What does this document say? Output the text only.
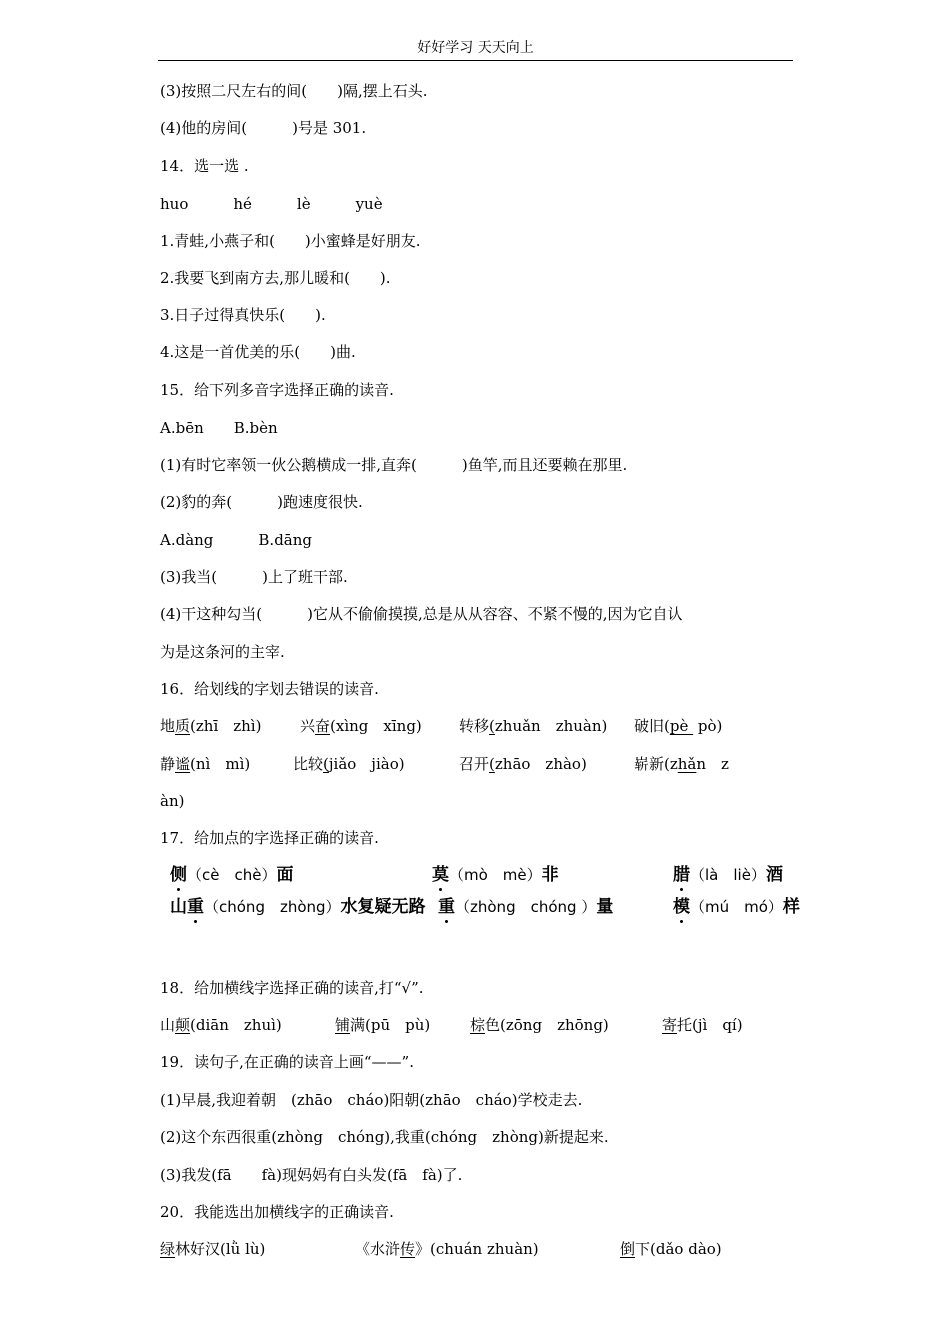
好好学习 天天向上
(3)按照二尺左右的间(　　)隔,摆上石头.
(4)他的房间(　　　)号是 301.
14．选一选 .
huo　　　hé　　　lè　　　yuè
1.青蛙,小燕子和(　　)小蜜蜂是好朋友.
2.我要飞到南方去,那儿暖和(　　).
3.日子过得真快乐(　　).
4.这是一首优美的乐(　　)曲.
15．给下列多音字选择正确的读音.
A.bēn　　B.bèn
(1)有时它率领一伙公鹅横成一排,直奔(　　　)鱼竿,而且还要赖在那里.
(2)豹的奔(　　　)跑速度很快.
A.dàng　　　B.dāng
(3)我当(　　　)上了班干部.
(4)干这种勾当(　　　)它从不偷偷摸摸,总是从从容容、不紧不慢的,因为它自认
为是这条河的主宰.
16．给划线的字划去错误的读音.
地质(zhī　zhì)	兴奋(xìng　xīng) 转移(zhuǎn　zhuàn) 破旧(pè  pò)
静谧(nì　mì)	比较(jiǎo　jiào)	召开(zhāo　zhào)	崭新(zhǎn　z
àn)
17．给加点的字选择正确的读音.
侧（cè　chè）面	莫（mò　mè）非	腊（là　liè）酒
山重（chóng　zhòng）水复疑无路 重（zhòng　chóng ）量	模（mú　mó）样
18．给加横线字选择正确的读音,打“√”.
山颠(diān　zhuì)	铺满(pū　pù)	棕色(zōng　zhōng)	寄托(jì　qí)
19．读句子,在正确的读音上画“——”.
(1)早晨,我迎着朝　(zhāo　cháo)阳朝(zhāo　cháo)学校走去.
(2)这个东西很重(zhòng　chóng),我重(chóng　zhòng)新提起来.
(3)我发(fā　　fà)现妈妈有白头发(fā　fà)了.
20．我能选出加横线字的正确读音.
绿林好汉(lǜ lù)	《水浒传》(chuán zhuàn)	倒下(dǎo dào)
